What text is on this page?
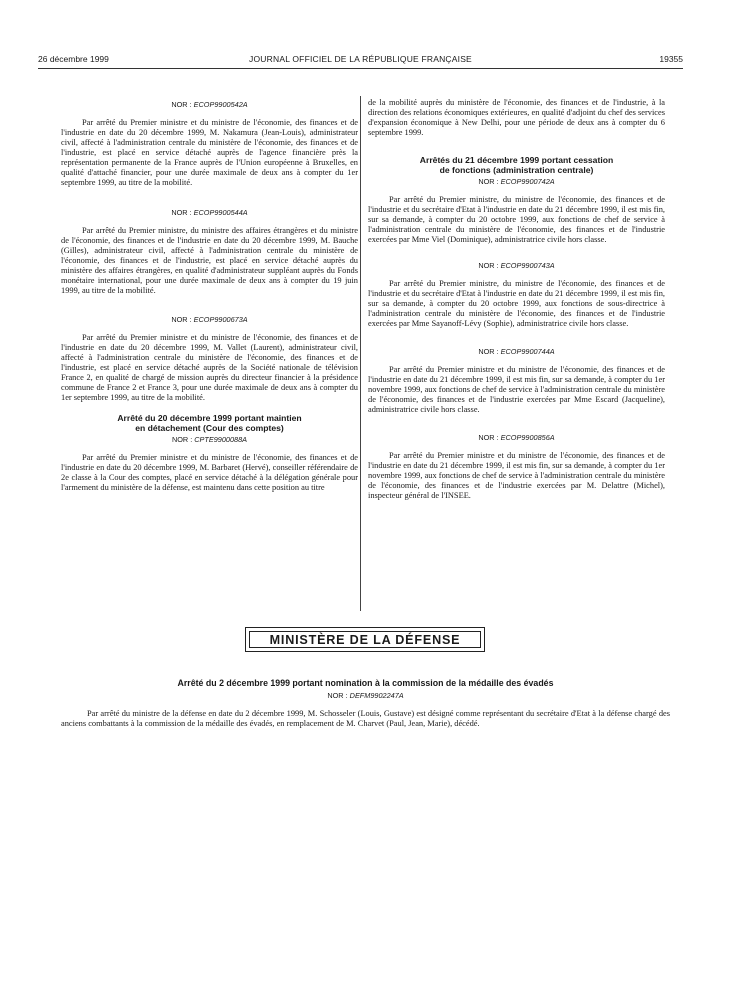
26 décembre 1999	JOURNAL OFFICIEL DE LA RÉPUBLIQUE FRANÇAISE	19355

NOR : ECOP9900542A

Par arrêté du Premier ministre et du ministre de l'économie, des finances et de l'industrie en date du 20 décembre 1999, M. Nakamura (Jean-Louis), administrateur civil, affecté à l'administration centrale du ministère de l'économie, des finances et de l'industrie, est placé en service détaché auprès de l'agence financière près la représentation permanente de la France auprès de l'Union européenne à Bruxelles, en qualité d'attaché financier, pour une durée maximale de deux ans à compter du 1er septembre 1999, au titre de la mobilité.

NOR : ECOP9900544A

Par arrêté du Premier ministre, du ministre des affaires étrangères et du ministre de l'économie, des finances et de l'industrie en date du 20 décembre 1999, M. Bauche (Gilles), administrateur civil, affecté à l'administration centrale du ministère de l'économie, des finances et de l'industrie, est placé en service détaché auprès du ministère des affaires étrangères, en qualité d'administrateur suppléant auprès du Fonds monétaire international, pour une durée maximale de deux ans à compter du 19 juin 1999, au titre de la mobilité.

NOR : ECOP9900673A

Par arrêté du Premier ministre et du ministre de l'économie, des finances et de l'industrie en date du 20 décembre 1999, M. Vallet (Laurent), administrateur civil, affecté à l'administration centrale du ministère de l'économie, des finances et de l'industrie, est placé en service détaché auprès de la Société nationale de télévision France 2, en qualité de chargé de mission auprès du directeur financier à la présidence commune de France 2 et France 3, pour une durée maximale de deux ans à compter du 1er septembre 1999, au titre de la mobilité.

Arrêté du 20 décembre 1999 portant maintien

en détachement (Cour des comptes)

NOR : CPTE9900088A

Par arrêté du Premier ministre et du ministre de l'économie, des finances et de l'industrie en date du 20 décembre 1999, M. Barbaret (Hervé), conseiller référendaire de 2e classe à la Cour des comptes, placé en service détaché à la délégation générale pour l'armement du ministère de la défense, est maintenu dans cette position au titre

de la mobilité auprès du ministère de l'économie, des finances et de l'industrie, à la direction des relations économiques extérieures, en qualité d'adjoint du chef des services d'expansion économique à New Delhi, pour une période de deux ans à compter du 6 septembre 1999.

Arrêtés du 21 décembre 1999 portant cessation

de fonctions (administration centrale)

NOR : ECOP9900742A

Par arrêté du Premier ministre, du ministre de l'économie, des finances et de l'industrie et du secrétaire d'Etat à l'industrie en date du 21 décembre 1999, il est mis fin, sur sa demande, à compter du 20 octobre 1999, aux fonctions de chef de service à l'administration centrale du ministère de l'économie, des finances et de l'industrie exercées par Mme Viel (Dominique), administratrice civile hors classe.

NOR : ECOP9900743A

Par arrêté du Premier ministre, du ministre de l'économie, des finances et de l'industrie et du secrétaire d'Etat à l'industrie en date du 21 décembre 1999, il est mis fin, sur sa demande, à compter du 20 octobre 1999, aux fonctions de sous-directrice à l'administration centrale du ministère de l'économie, des finances et de l'industrie exercées par Mme Sayanoff-Lévy (Sophie), administratrice civile hors classe.

NOR : ECOP9900744A

Par arrêté du Premier ministre et du ministre de l'économie, des finances et de l'industrie en date du 21 décembre 1999, il est mis fin, sur sa demande, à compter du 1er novembre 1999, aux fonctions de chef de service à l'administration centrale du ministère de l'économie, des finances et de l'industrie exercées par Mme Escard (Jacqueline), administratrice civile hors classe.

NOR : ECOP9900856A

Par arrêté du Premier ministre et du ministre de l'économie, des finances et de l'industrie en date du 21 décembre 1999, il est mis fin, sur sa demande, à compter du 1er novembre 1999, aux fonctions de chef de service à l'administration centrale du ministère de l'économie, des finances et de l'industrie exercées par M. Delattre (Michel), inspecteur général de l'INSEE.

MINISTÈRE DE LA DÉFENSE

Arrêté du 2 décembre 1999 portant nomination à la commission de la médaille des évadés

NOR : DEFM9902247A

Par arrêté du ministre de la défense en date du 2 décembre 1999, M. Schosseler (Louis, Gustave) est désigné comme représentant du secrétaire d'Etat à la défense chargé des anciens combattants à la commission de la médaille des évadés, en remplacement de M. Charvet (Paul, Jean, Marie), décédé.
